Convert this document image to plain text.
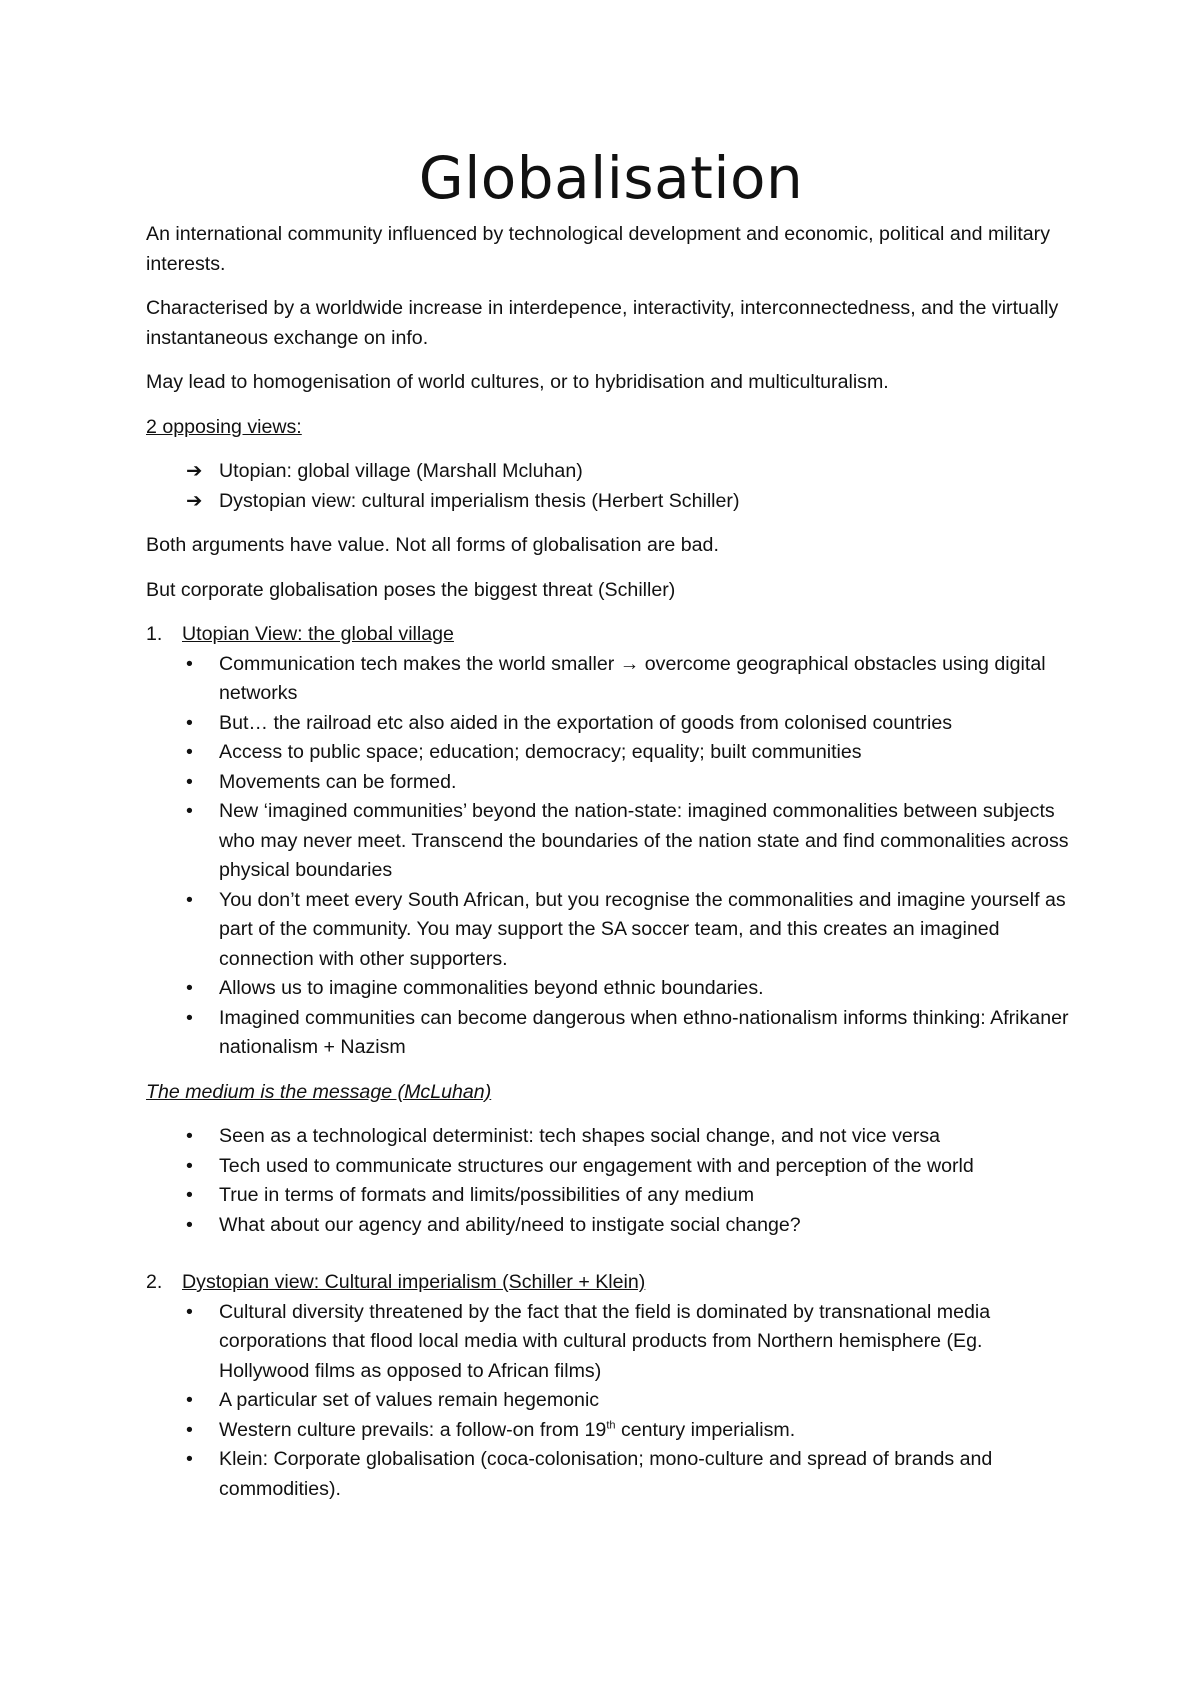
Globalisation

An international community influenced by technological development and economic, political and military interests.

Characterised by a worldwide increase in interdepence, interactivity, interconnectedness, and the virtually instantaneous exchange on info.

May lead to homogenisation of world cultures, or to hybridisation and multiculturalism.

2 opposing views:

➔ Utopian: global village (Marshall Mcluhan)
➔ Dystopian view: cultural imperialism thesis (Herbert Schiller)

Both arguments have value. Not all forms of globalisation are bad.

But corporate globalisation poses the biggest threat (Schiller)

1. Utopian View: the global village
• Communication tech makes the world smaller → overcome geographical obstacles using digital networks
• But… the railroad etc also aided in the exportation of goods from colonised countries
• Access to public space; education; democracy; equality; built communities
• Movements can be formed.
• New ‘imagined communities’ beyond the nation-state: imagined commonalities between subjects who may never meet. Transcend the boundaries of the nation state and find commonalities across physical boundaries
• You don’t meet every South African, but you recognise the commonalities and imagine yourself as part of the community. You may support the SA soccer team, and this creates an imagined connection with other supporters.
• Allows us to imagine commonalities beyond ethnic boundaries.
• Imagined communities can become dangerous when ethno-nationalism informs thinking: Afrikaner nationalism + Nazism

The medium is the message (McLuhan)

• Seen as a technological determinist: tech shapes social change, and not vice versa
• Tech used to communicate structures our engagement with and perception of the world
• True in terms of formats and limits/possibilities of any medium
• What about our agency and ability/need to instigate social change?
2. Dystopian view: Cultural imperialism (Schiller + Klein)
• Cultural diversity threatened by the fact that the field is dominated by transnational media corporations that flood local media with cultural products from Northern hemisphere (Eg. Hollywood films as opposed to African films)
• A particular set of values remain hegemonic
• Western culture prevails: a follow-on from 19th century imperialism.
• Klein: Corporate globalisation (coca-colonisation; mono-culture and spread of brands and commodities).
